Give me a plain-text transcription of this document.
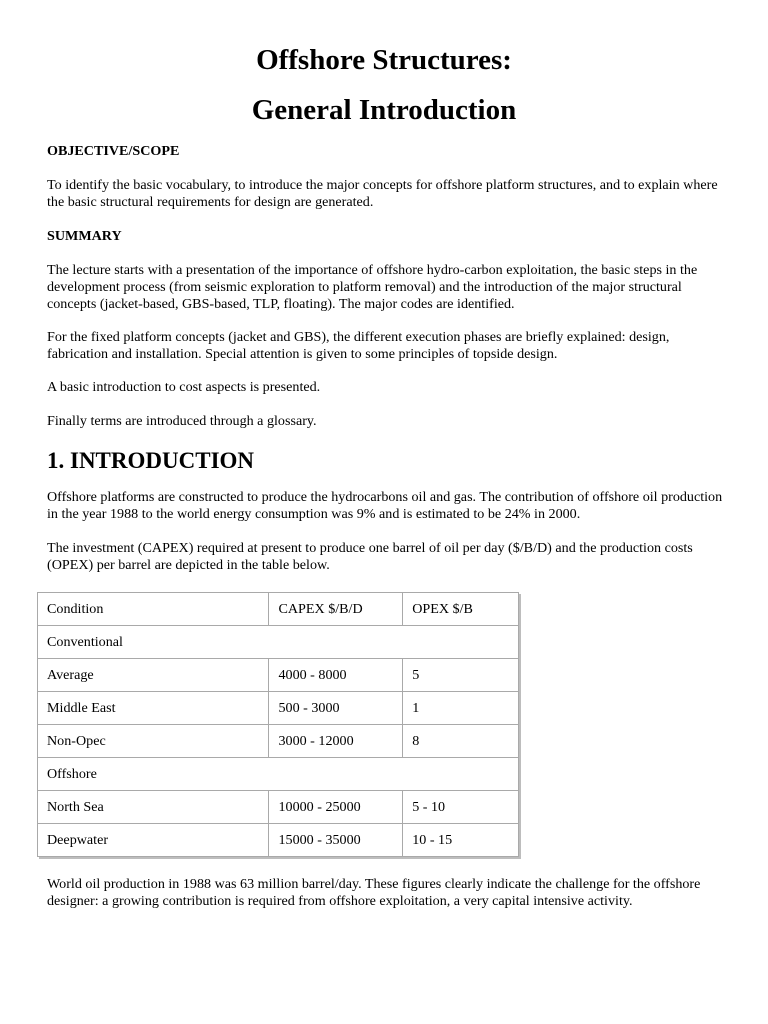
Offshore Structures:
General Introduction

OBJECTIVE/SCOPE

To identify the basic vocabulary, to introduce the major concepts for offshore platform structures, and to explain where the basic structural requirements for design are generated.

SUMMARY

The lecture starts with a presentation of the importance of offshore hydro-carbon exploitation, the basic steps in the development process (from seismic exploration to platform removal) and the introduction of the major structural concepts (jacket-based, GBS-based, TLP, floating). The major codes are identified.

For the fixed platform concepts (jacket and GBS), the different execution phases are briefly explained: design, fabrication and installation. Special attention is given to some principles of topside design.

A basic introduction to cost aspects is presented.

Finally terms are introduced through a glossary.

1. INTRODUCTION

Offshore platforms are constructed to produce the hydrocarbons oil and gas. The contribution of offshore oil production in the year 1988 to the world energy consumption was 9% and is estimated to be 24% in 2000.

The investment (CAPEX) required at present to produce one barrel of oil per day ($/B/D) and the production costs (OPEX) per barrel are depicted in the table below.

Condition	CAPEX $/B/D	OPEX $/B
Conventional		
Average	4000 - 8000	5
Middle East	500 - 3000	1
Non-Opec	3000 - 12000	8
Offshore		
North Sea	10000 - 25000	5 - 10
Deepwater	15000 - 35000	10 - 15

World oil production in 1988 was 63 million barrel/day. These figures clearly indicate the challenge for the offshore designer: a growing contribution is required from offshore exploitation, a very capital intensive activity.
